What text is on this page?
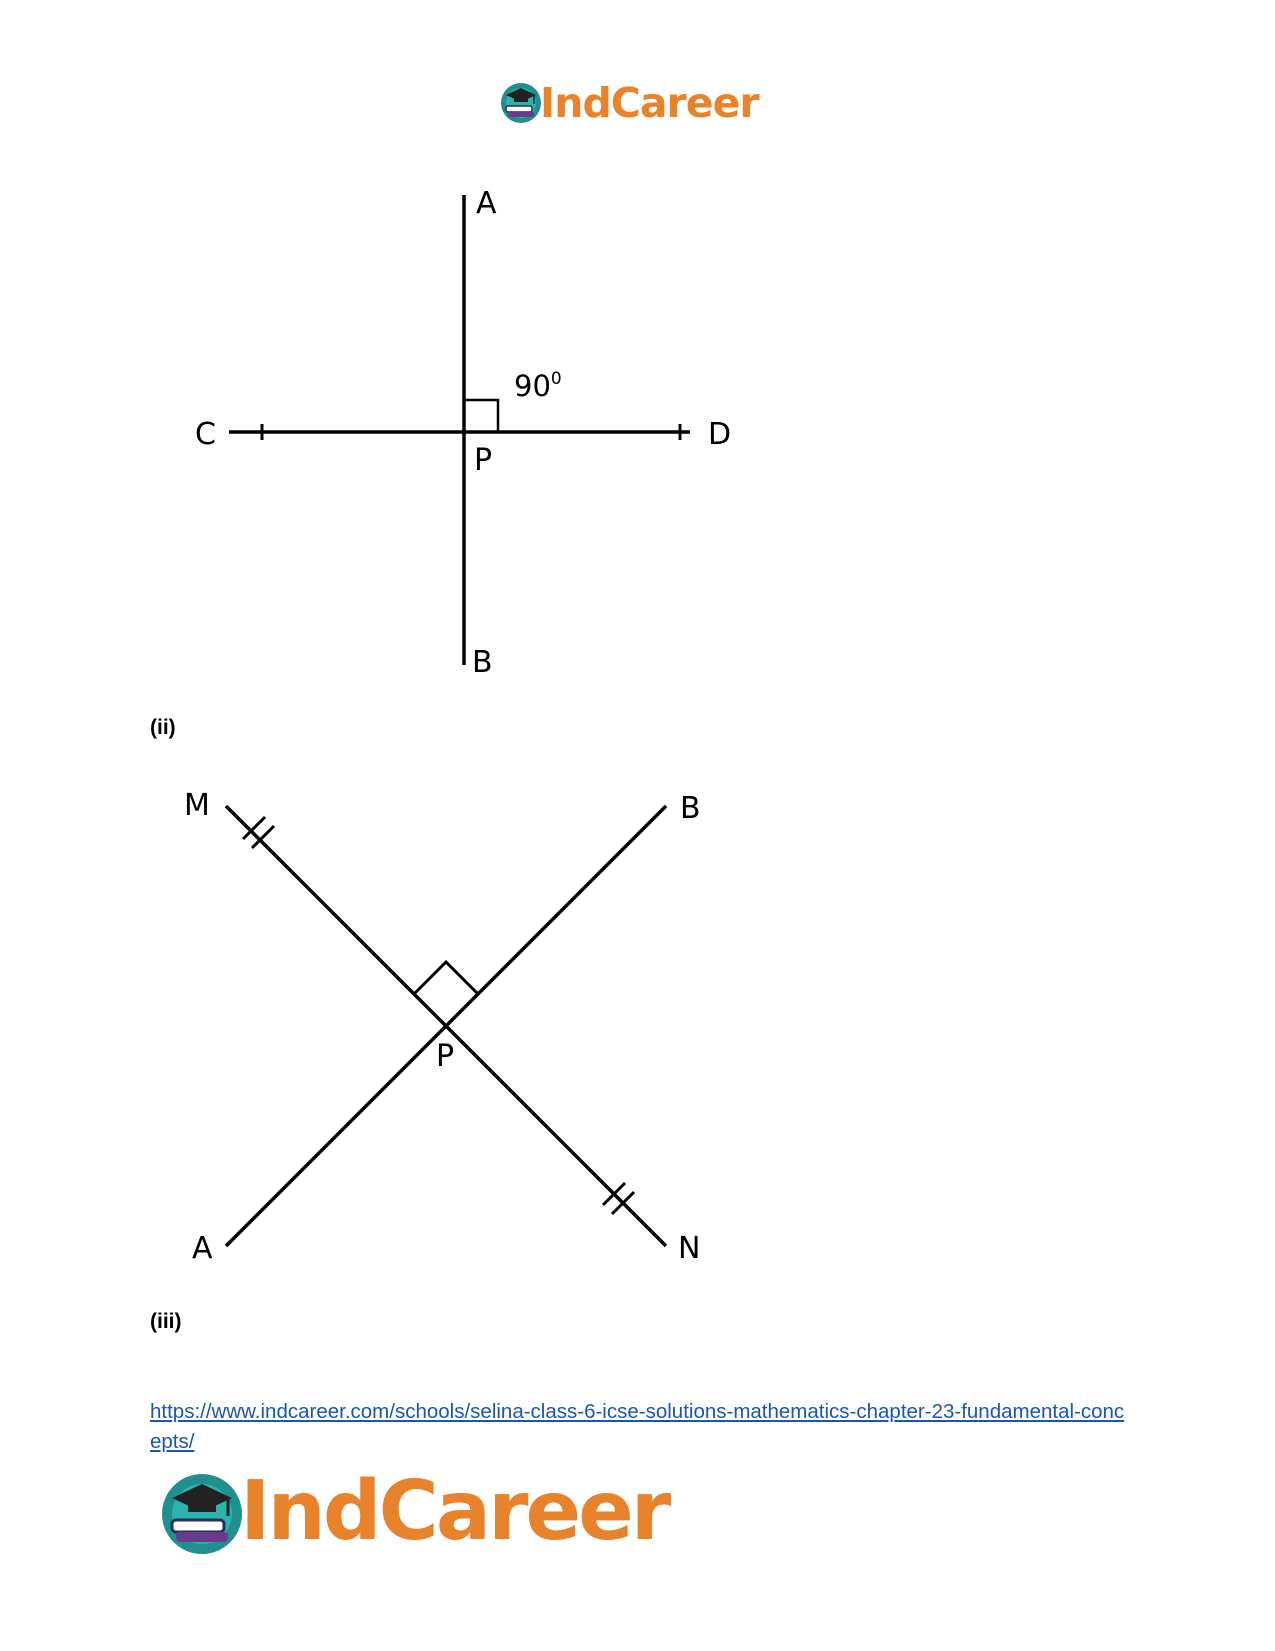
IndCareer
A
B
C	D
P
$90^0$
(ii)
M	B
A	N
P
(iii)
https://www.indcareer.com/schools/selina-class-6-icse-solutions-mathematics-chapter-23-fundamental-concepts/
IndCareer
